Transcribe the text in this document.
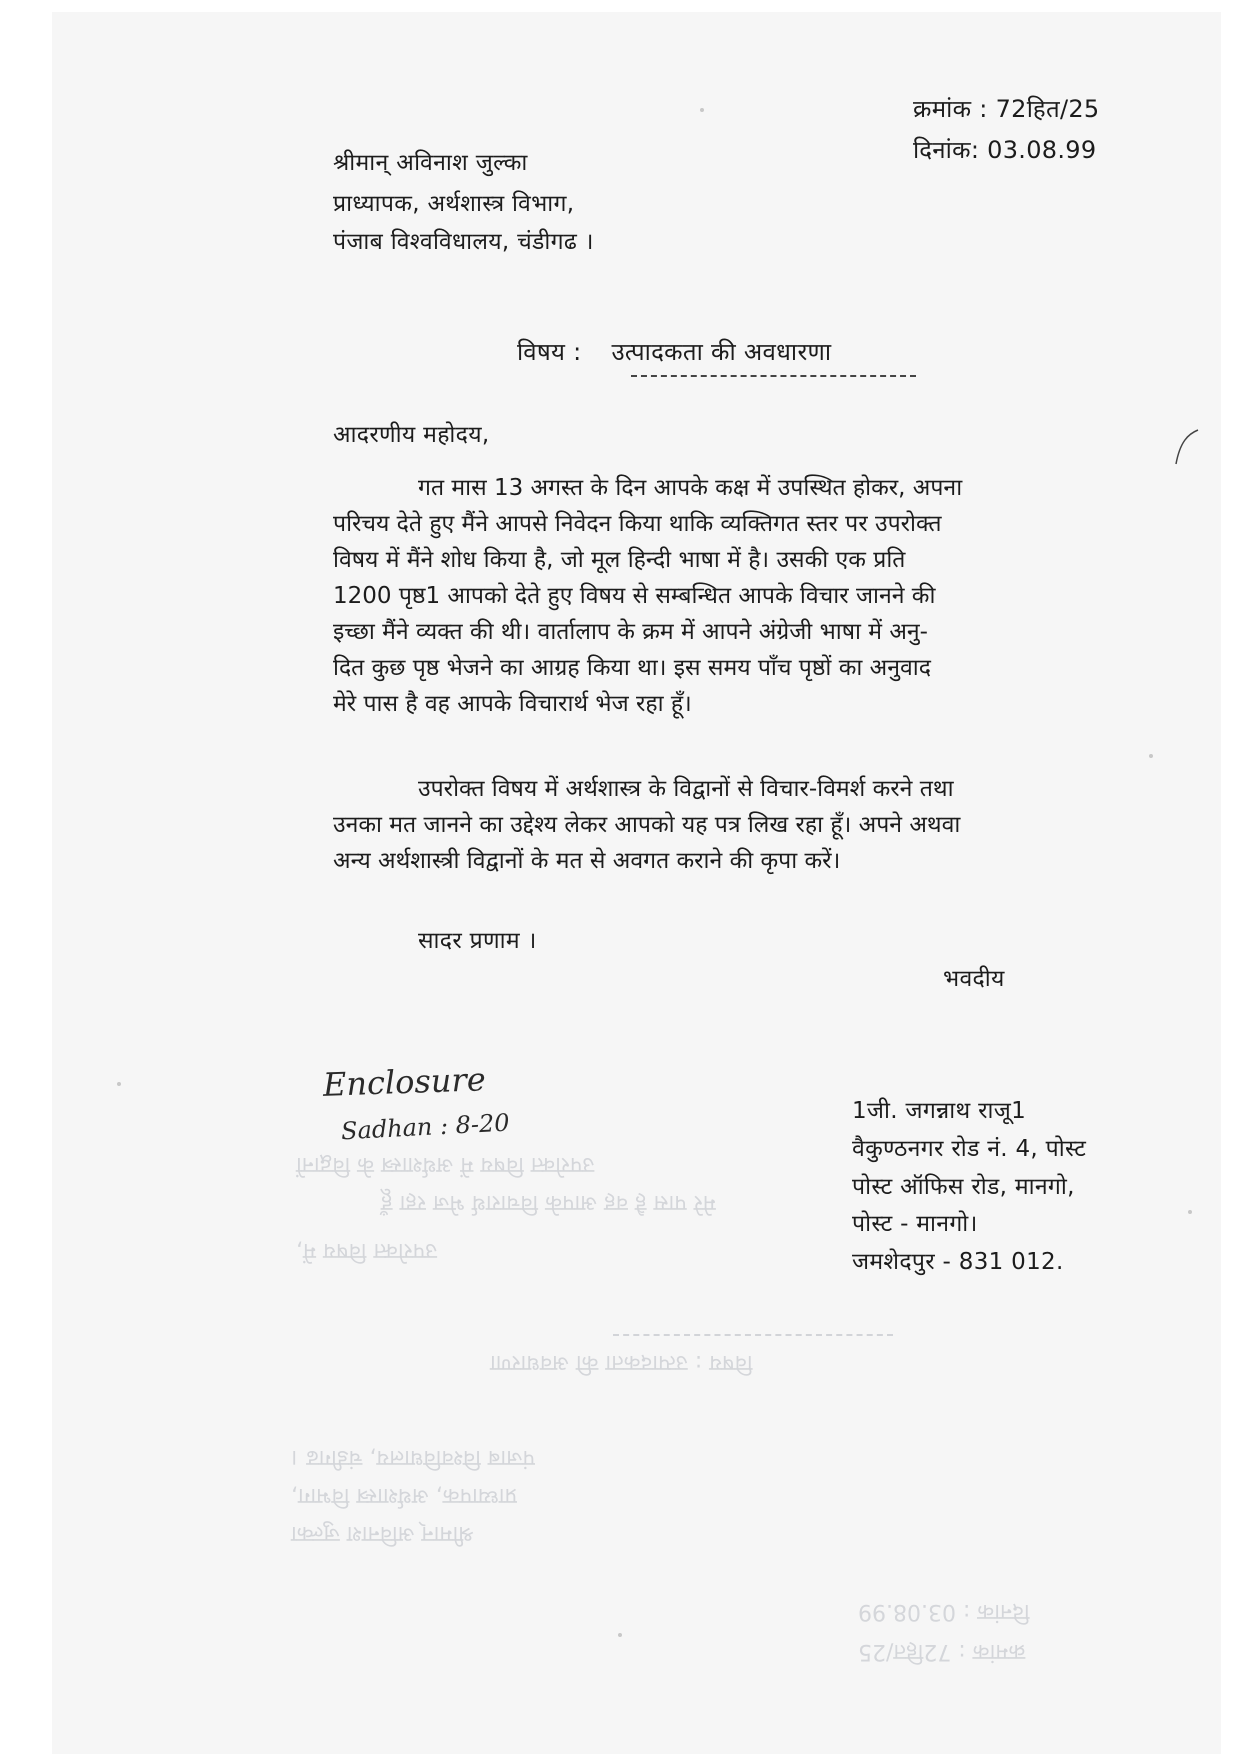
क्रमांक : 72हित/25
दिनांक: 03.08.99
श्रीमान् अविनाश जुल्का
प्राध्यापक, अर्थशास्त्र विभाग,
पंजाब विश्वविधालय, चंडीगढ ।
विषय : उत्पादकता की अवधारणा
आदरणीय महोदय,
गत मास 13 अगस्त के दिन आपके कक्ष में उपस्थित होकर, अपना
परिचय देते हुए मैंने आपसे निवेदन किया थाकि व्यक्तिगत स्तर पर उपरोक्त
विषय में मैंने शोध किया है, जो मूल हिन्दी भाषा में है। उसकी एक प्रति
1200 पृष्ठ1 आपको देते हुए विषय से सम्बन्धित आपके विचार जानने की
इच्छा मैंने व्यक्त की थी। वार्तालाप के क्रम में आपने अंग्रेजी भाषा में अनु-
दित कुछ पृष्ठ भेजने का आग्रह किया था। इस समय पाँच पृष्ठों का अनुवाद
मेरे पास है वह आपके विचारार्थ भेज रहा हूँ।
उपरोक्त विषय में अर्थशास्त्र के विद्वानों से विचार-विमर्श करने तथा
उनका मत जानने का उद्देश्य लेकर आपको यह पत्र लिख रहा हूँ। अपने अथवा
अन्य अर्थशास्त्री विद्वानों के मत से अवगत कराने की कृपा करें।
सादर प्रणाम ।
भवदीय
Enclosure
Sadhan : 8-20	1जी. जगन्नाथ राजू1
वैकुण्ठनगर रोड नं. 4, पोस्ट
पोस्ट ऑफिस रोड, मानगो,
पोस्ट - मानगो।
जमशेदपुर - 831 012.
उपरोक्त विषय में अर्थशास्त्र के विद्वानों
मेरे पास है वह आपके विचारार्थ भेज रहा हूँ
उपरोक्त विषय में,
विषय : उत्पादकता की अवधारणा
पंजाब विश्वविधालय, चंडीगढ ।
प्राध्यापक, अर्थशास्त्र विभाग,
श्रीमान् अविनाश जुल्का
दिनांक : 03.08.99
क्रमांक : 72हित/25
